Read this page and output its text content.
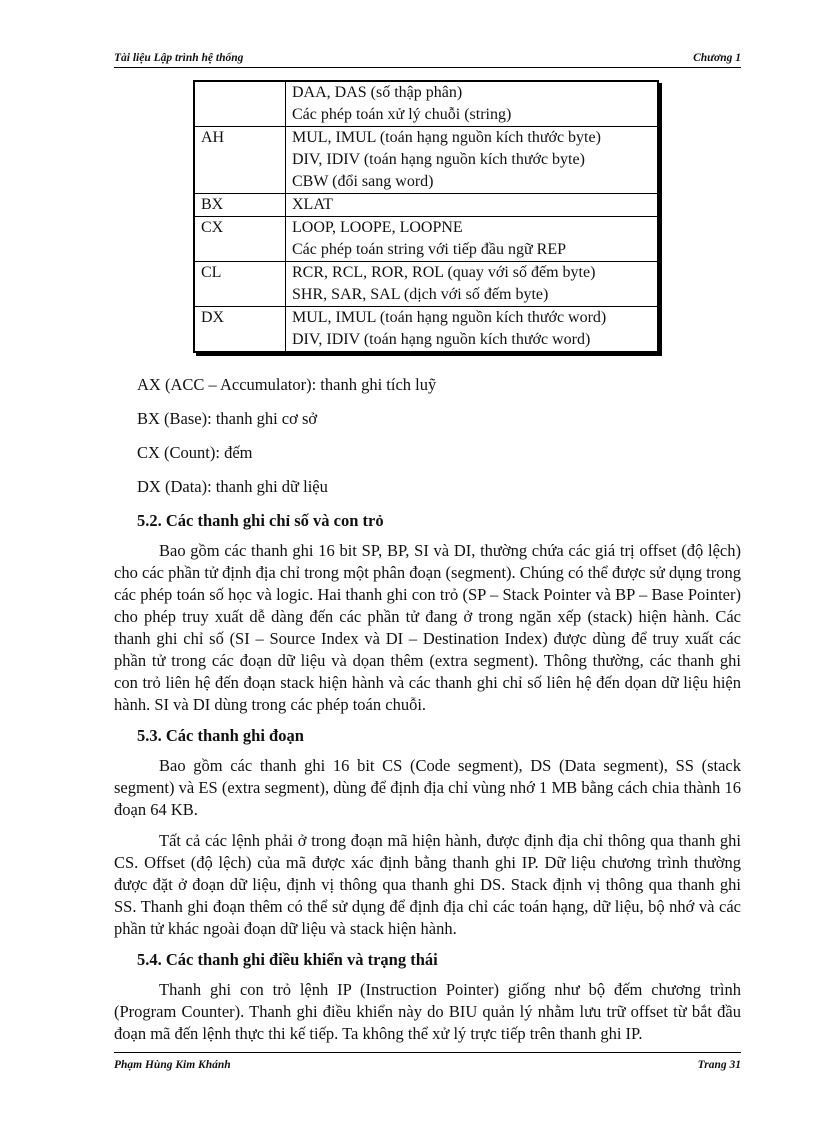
Tài liệu Lập trình hệ thống	Chương 1

	DAA, DAS (số thập phân)
Các phép toán xử lý chuỗi (string)

AH	MUL, IMUL (toán hạng nguồn kích thước byte)
DIV, IDIV (toán hạng nguồn kích thước byte)
CBW (đổi sang word)

BX	XLAT

CX	LOOP, LOOPE, LOOPNE
Các phép toán string với tiếp đầu ngữ REP

CL	RCR, RCL, ROR, ROL (quay với số đếm byte)
SHR, SAR, SAL (dịch với số đếm byte)

DX	MUL, IMUL (toán hạng nguồn kích thước word)
DIV, IDIV (toán hạng nguồn kích thước word)

AX (ACC – Accumulator): thanh ghi tích luỹ

BX (Base): thanh ghi cơ sở

CX (Count): đếm

DX (Data): thanh ghi dữ liệu

5.2. Các thanh ghi chỉ số và con trỏ

Bao gồm các thanh ghi 16 bit SP, BP, SI và DI, thường chứa các giá trị offset (độ lệch) cho các phần tử định địa chỉ trong một phân đoạn (segment). Chúng có thể được sử dụng trong các phép toán số học và logic. Hai thanh ghi con trỏ (SP – Stack Pointer và BP – Base Pointer) cho phép truy xuất dễ dàng đến các phần tử đang ở trong ngăn xếp (stack) hiện hành. Các thanh ghi chỉ số (SI – Source Index và DI – Destination Index) được dùng để truy xuất các phần tử trong các đoạn dữ liệu và dọan thêm (extra segment). Thông thường, các thanh ghi con trỏ liên hệ đến đoạn stack hiện hành và các thanh ghi chỉ số liên hệ đến dọan dữ liệu hiện hành. SI và DI dùng trong các phép toán chuỗi.

5.3. Các thanh ghi đoạn

Bao gồm các thanh ghi 16 bit CS (Code segment), DS (Data segment), SS (stack segment) và ES (extra segment), dùng để định địa chỉ vùng nhớ 1 MB bằng cách chia thành 16 đoạn 64 KB.

Tất cả các lệnh phải ở trong đoạn mã hiện hành, được định địa chỉ thông qua thanh ghi CS. Offset (độ lệch) của mã được xác định bằng thanh ghi IP. Dữ liệu chương trình thường được đặt ở đoạn dữ liệu, định vị thông qua thanh ghi DS. Stack định vị thông qua thanh ghi SS. Thanh ghi đoạn thêm có thể sử dụng để định địa chỉ các toán hạng, dữ liệu, bộ nhớ và các phần tử khác ngoài đoạn dữ liệu và stack hiện hành.

5.4. Các thanh ghi điều khiển và trạng thái

Thanh ghi con trỏ lệnh IP (Instruction Pointer) giống như bộ đếm chương trình (Program Counter). Thanh ghi điều khiển này do BIU quản lý nhằm lưu trữ offset từ bắt đầu đoạn mã đến lệnh thực thi kế tiếp. Ta không thể xử lý trực tiếp trên thanh ghi IP.

Phạm Hùng Kim Khánh	Trang 31
